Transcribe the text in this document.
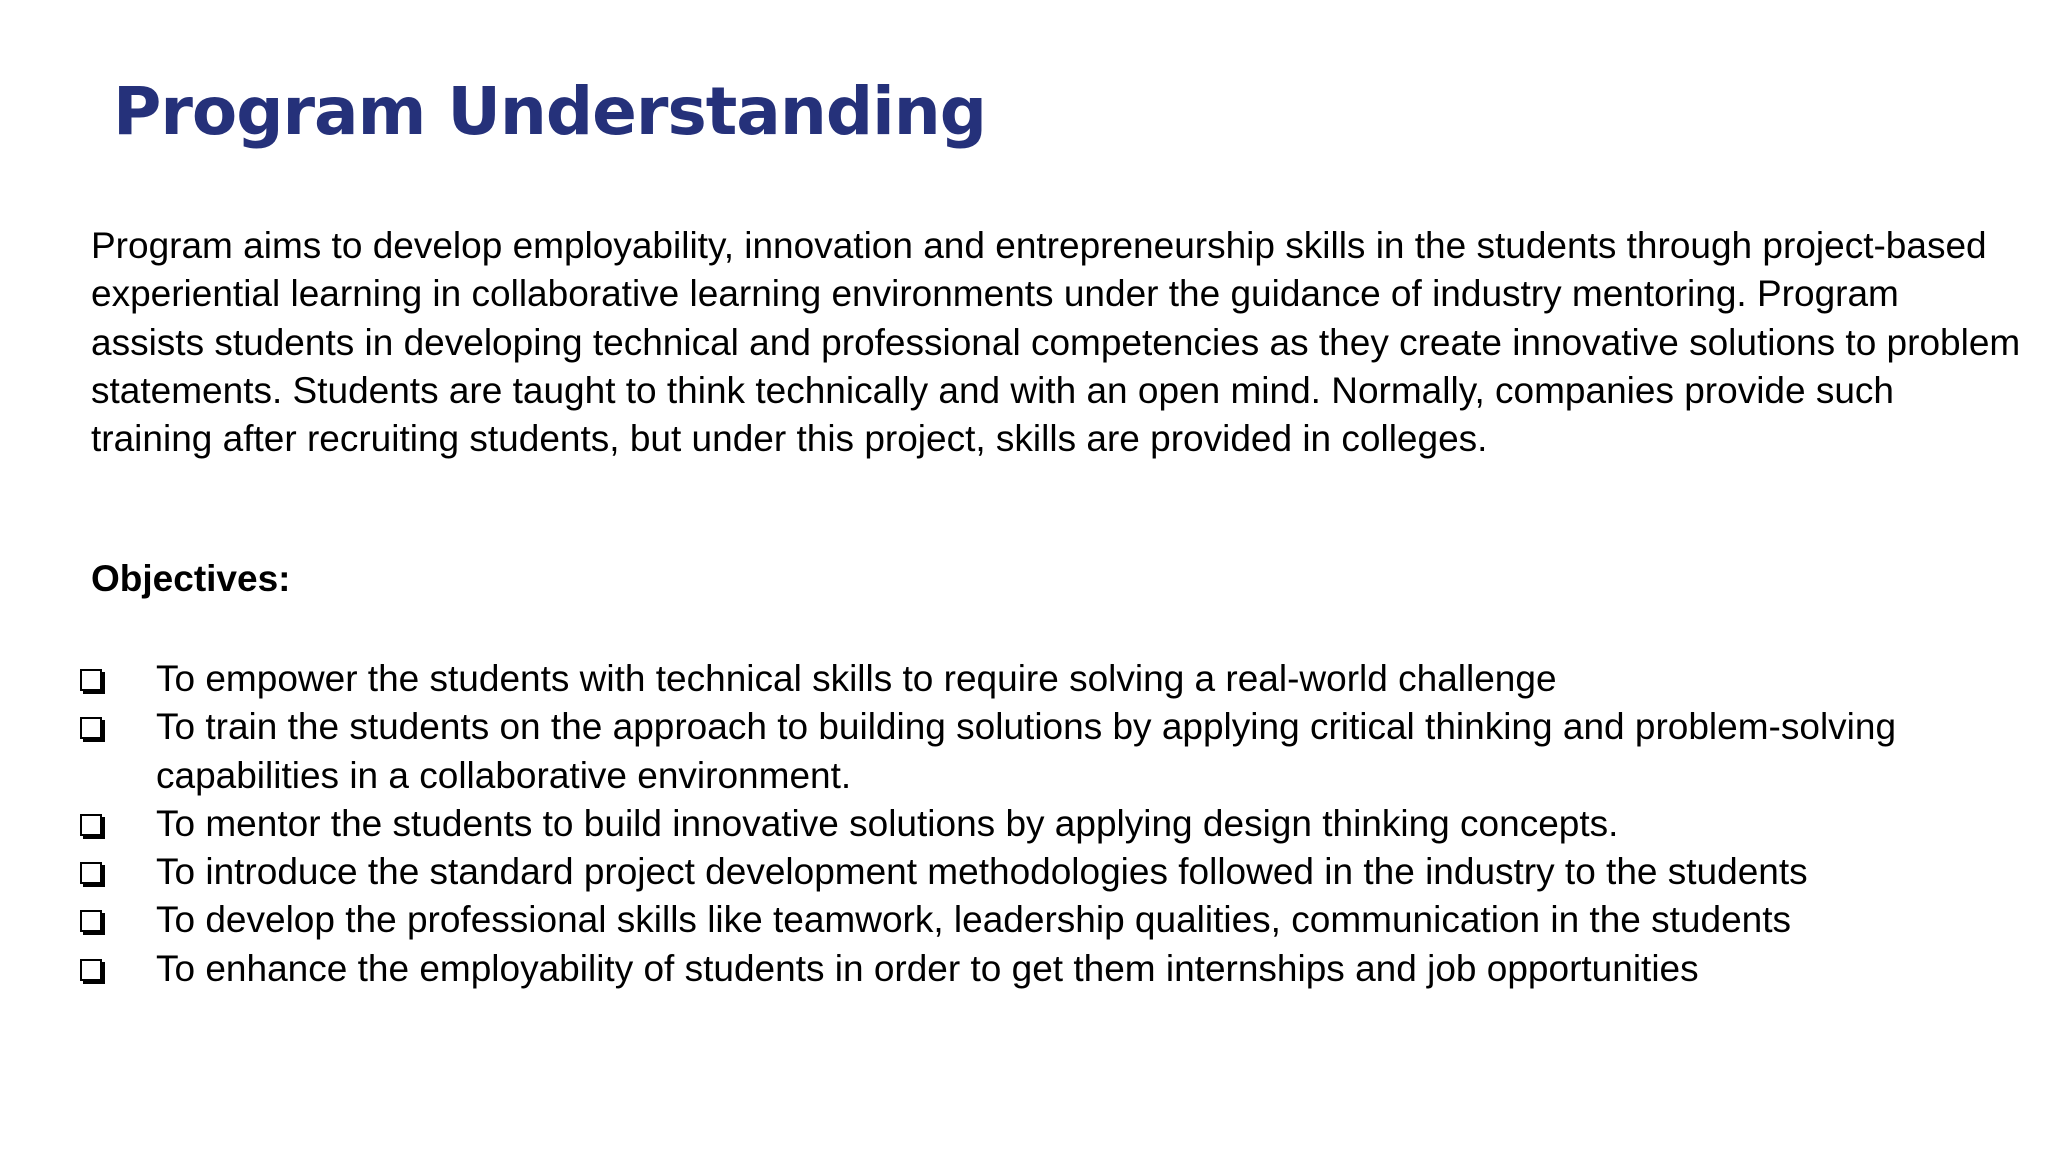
Program Understanding

Program aims to develop employability, innovation and entrepreneurship skills in the students through project-based experiential learning in collaborative learning environments under the guidance of industry mentoring. Program assists students in developing technical and professional competencies as they create innovative solutions to problem statements. Students are taught to think technically and with an open mind. Normally, companies provide such training after recruiting students, but under this project, skills are provided in colleges.

Objectives:

To empower the students with technical skills to require solving a real-world challenge
To train the students on the approach to building solutions by applying critical thinking and problem-solving capabilities in a collaborative environment.
To mentor the students to build innovative solutions by applying design thinking concepts.
To introduce the standard project development methodologies followed in the industry to the students
To develop the professional skills like teamwork, leadership qualities, communication in the students
To enhance the employability of students in order to get them internships and job opportunities
